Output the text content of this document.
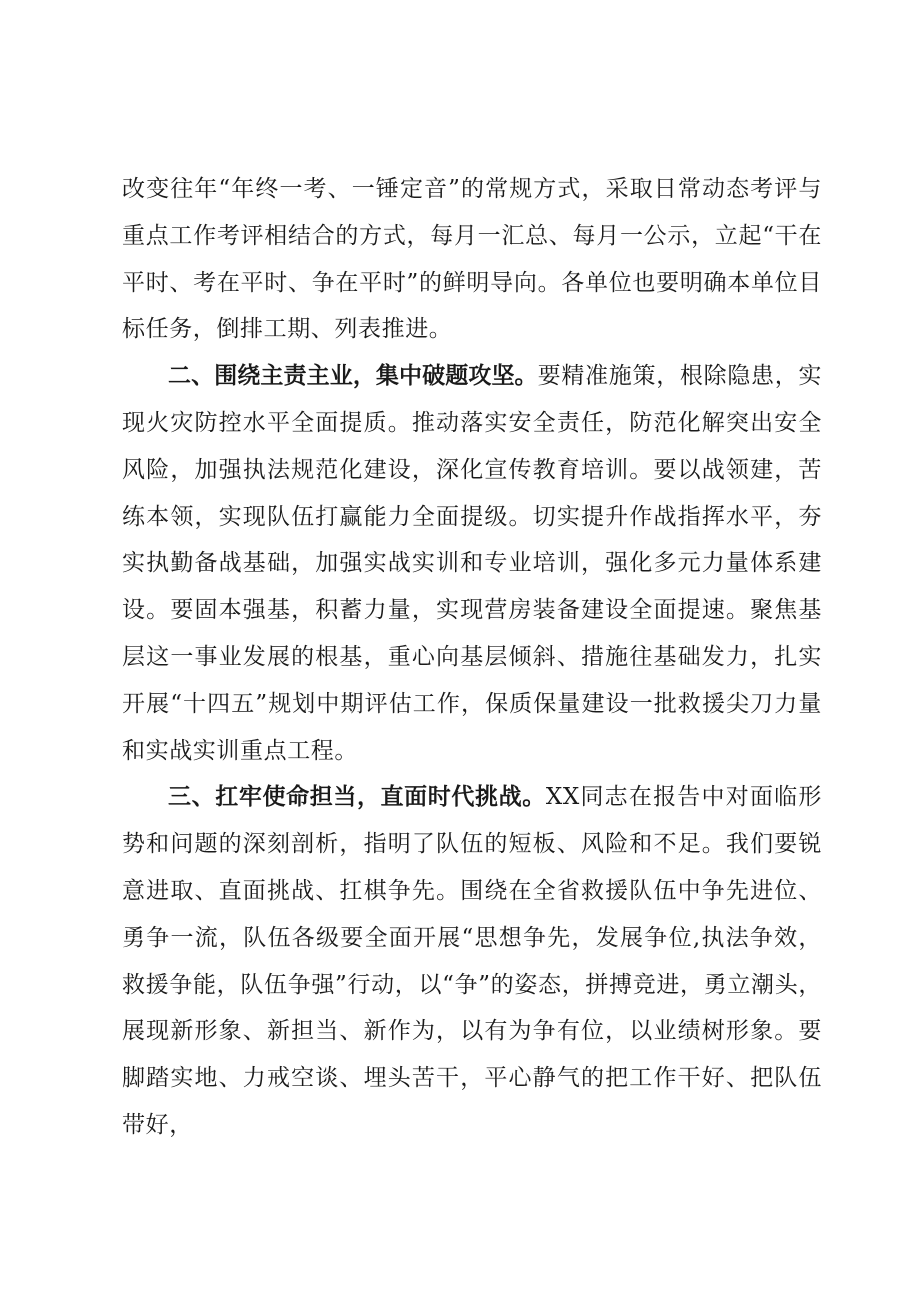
改变往年“年终一考、一锤定音”的常规方式，采取日常动态考评与重点工作考评相结合的方式，每月一汇总、每月一公示，立起“干在平时、考在平时、争在平时”的鲜明导向。各单位也要明确本单位目标任务，倒排工期、列表推进。

二、围绕主责主业，集中破题攻坚。要精准施策，根除隐患，实现火灾防控水平全面提质。推动落实安全责任，防范化解突出安全风险，加强执法规范化建设，深化宣传教育培训。要以战领建，苦练本领，实现队伍打赢能力全面提级。切实提升作战指挥水平，夯实执勤备战基础，加强实战实训和专业培训，强化多元力量体系建设。要固本强基，积蓄力量，实现营房装备建设全面提速。聚焦基层这一事业发展的根基，重心向基层倾斜、措施往基础发力，扎实开展“十四五”规划中期评估工作，保质保量建设一批救援尖刀力量和实战实训重点工程。

三、扛牢使命担当，直面时代挑战。XX同志在报告中对面临形势和问题的深刻剖析，指明了队伍的短板、风险和不足。我们要锐意进取、直面挑战、扛棋争先。围绕在全省救援队伍中争先进位、勇争一流，队伍各级要全面开展“思想争先，发展争位,执法争效，救援争能，队伍争强”行动，以“争”的姿态，拼搏竞进，勇立潮头，展现新形象、新担当、新作为，以有为争有位，以业绩树形象。要脚踏实地、力戒空谈、埋头苦干，平心静气的把工作干好、把队伍带好，
